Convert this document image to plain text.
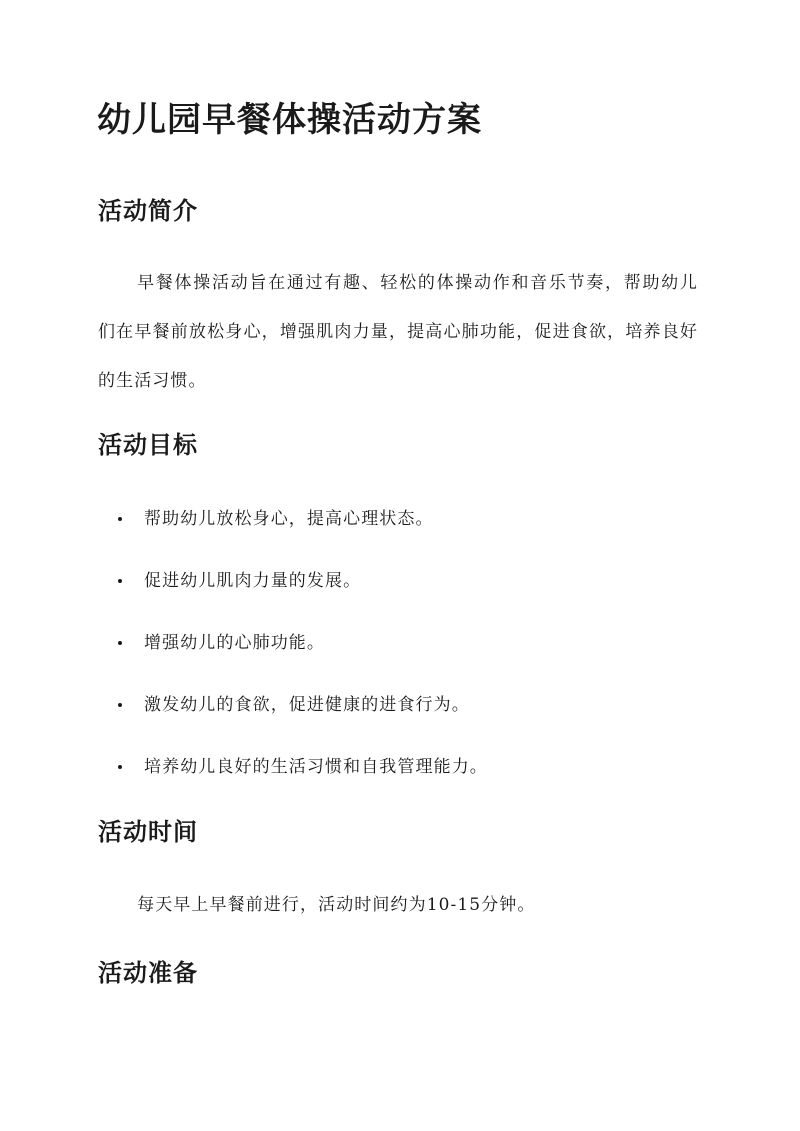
幼儿园早餐体操活动方案
活动简介

早餐体操活动旨在通过有趣、轻松的体操动作和音乐节奏，帮助幼儿们在早餐前放松身心，增强肌肉力量，提高心肺功能，促进食欲，培养良好的生活习惯。

活动目标
帮助幼儿放松身心，提高心理状态。
促进幼儿肌肉力量的发展。
增强幼儿的心肺功能。
激发幼儿的食欲，促进健康的进食行为。
培养幼儿良好的生活习惯和自我管理能力。
活动时间

每天早上早餐前进行，活动时间约为10-15分钟。

活动准备
